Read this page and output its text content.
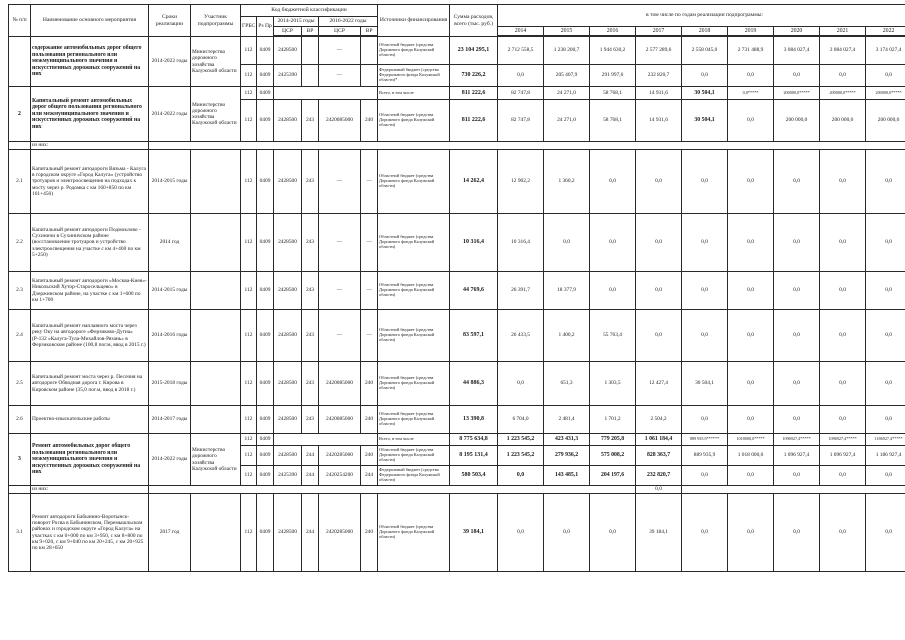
№ п/п	Наименование основного мероприятия	Сроки реализации	Участник подпрограммы	Код бюджетной классификации						Источники финансирования	Сумма расходов, всего (тыс. руб.)	в том числе по годам реализации подпрограммы:								
				ГРБС	Рз Пр	2014-2015 годы		2016-2022 годы												
						ЦСР	ВР	ЦСР	ВР			2014	2015	2016	2017	2018	2019	2020	2021	2022

	содержание автомобильных дорог общего пользования регионального или межмуниципального значения и искусственных дорожных сооружений на них	2014-2022 годы	Министерство дорожного хозяйства Калужской области	112	0409	2428500		—		Областной бюджет (средства Дорожного фонда Калужской области)	23 104 295,1	2 712 558,5	1 238 200,7	1 944 630,2	2 577 289,6	2 558 045,0	2 731 488,9	3 084 027,4	3 084 027,4	3 174 027,4
				112	0409	2425390		—		Федеральный бюджет (средства Федерального фонда Калужской области)*	730 226,2	0,0	205 407,9	291 997,6	232 820,7	0,0	0,0	0,0	0,0	0,0
2	Капитальный ремонт автомобильных дорог общего пользования регионального или межмуниципального значения и искусственных дорожных сооружений на них	2014-2022 годы	Министерство дорожного хозяйства Калужской области	112	0409					Всего, в том числе	811 222,6	82 747,8	24 271,0	58 768,1	14 931,6	30 504,1	0,0*****	200000,0*****	200000,0*****	200000,0*****
				112	0409	2428500	243	2420085000	240	Областной бюджет (средства Дорожного фонда Калужской области)	811 222,6	82 747,8	24 271,0	58 768,1	14 931,6	30 504,1	0,0	200 000,0	200 000,0	200 000,0
	из них:																			
2.1	Капитальный ремонт автодороги Вязьма - Калуга в городском округе «Город Калуга» (устройство тротуаров и электроосвещения на подходах к мосту через р. Родомка с км 160+850 по км 161+450)	2014-2015 годы		112	0409	2428500	243	—	—	Областной бюджет (средства Дорожного фонда Калужской области)	14 262,4	12 902,2	1 360,2	0,0	0,0	0,0	0,0	0,0	0,0	0,0
2.2	Капитальный ремонт автодороги Подмоклово - Сухиничи в Сухиничском районе (восстановление тротуаров и устройство электроосвещения на участке с км 4+400 по км 5+250)	2014 год		112	0409	2428500	243	—	—	Областной бюджет (средства Дорожного фонда Калужской области)	10 316,4	10 316,4	0,0	0,0	0,0	0,0	0,0	0,0	0,0	0,0
2.3	Капитальный ремонт автодороги «Москва-Киев»-Никольский Хутор-Старосельцево» в Дзержинском районе, на участке с км 1+600 по км 1+700	2014-2015 годы		112	0409	2428500	243	—	—	Областной бюджет (средства Дорожного фонда Калужской области)	44 769,6	26 391,7	18 377,9	0,0	0,0	0,0	0,0	0,0	0,0	0,0
2.4	Капитальный ремонт наплавного моста через реку Оку на автодороге «Ферзиково-Дугна» (Р-132 «Калуга-Тула-Михайлов-Рязань» в Ферзиковском районе (100,8 пог.м, ввод в 2015 г.)	2014-2016 годы		112	0409	2428500	243	—	—	Областной бюджет (средства Дорожного фонда Калужской области)	83 597,1	26 433,5	1 400,2	55 763,4	0,0	0,0	0,0	0,0	0,0	0,0
2.5	Капитальный ремонт моста через р. Песочня на автодороге Обводная дорога г. Кирова в Кировском районе (35,0 пог.м, ввод в 2018 г.)	2015-2018 годы		112	0409	2428500	243	2420085000	240	Областной бюджет (средства Дорожного фонда Калужской области)	44 886,3	0,0	651,3	1 303,5	12 427,4	30 504,1	0,0	0,0	0,0	0,0
2.6	Проектно-изыскательские работы	2014-2017 годы		112	0409	2428500	243	2420085000	240	Областной бюджет (средства Дорожного фонда Калужской области)	13 390,8	6 704,0	2 481,4	1 701,2	2 504,2	0,0	0,0	0,0	0,0	0,0
3	Ремонт автомобильных дорог общего пользования регионального или межмуниципального значения и искусственных дорожных сооружений на них	2014-2022 годы	Министерство дорожного хозяйства Калужской области	112	0409					Всего, в том числе	8 775 634,8	1 223 545,2	423 431,3	779 205,8	1 061 184,4	889 935,9******	1018000,0*****	1096927,4*****	1096927,4*****	1186927,4*****
				112	0409	2428500	244	2420285000	240	Областной бюджет (средства Дорожного фонда Калужской области)	8 195 131,4	1 223 545,2	279 936,2	575 008,2	828 363,7	889 935,9	1 018 000,0	1 096 927,4	1 096 927,4	1 186 927,4
				112	0409	2425390	244	2420254200	244	Федеральный бюджет (средства Федерального фонда Калужской области)	580 503,4	0,0	143 485,1	204 197,6	232 820,7	0,0	0,0	0,0	0,0	0,0
	из них:														0,0					
3.1	Ремонт автодороги Бабынино-Воротынск-поворот Росва в Бабынинском, Перемышльском районах и городском округе «Город Калуга» на участках с км 0+000 по км 3+950, с км 8+800 по км 9+020, с км 9+040 по км 20+245, с км 20+925 по км 28+650	2017 год		112	0409	2428500	244	2420285000	240	Областной бюджет (средства Дорожного фонда Калужской области)	39 184,1	0,0	0,0	0,0	39 184,1	0,0	0,0	0,0	0,0	0,0
